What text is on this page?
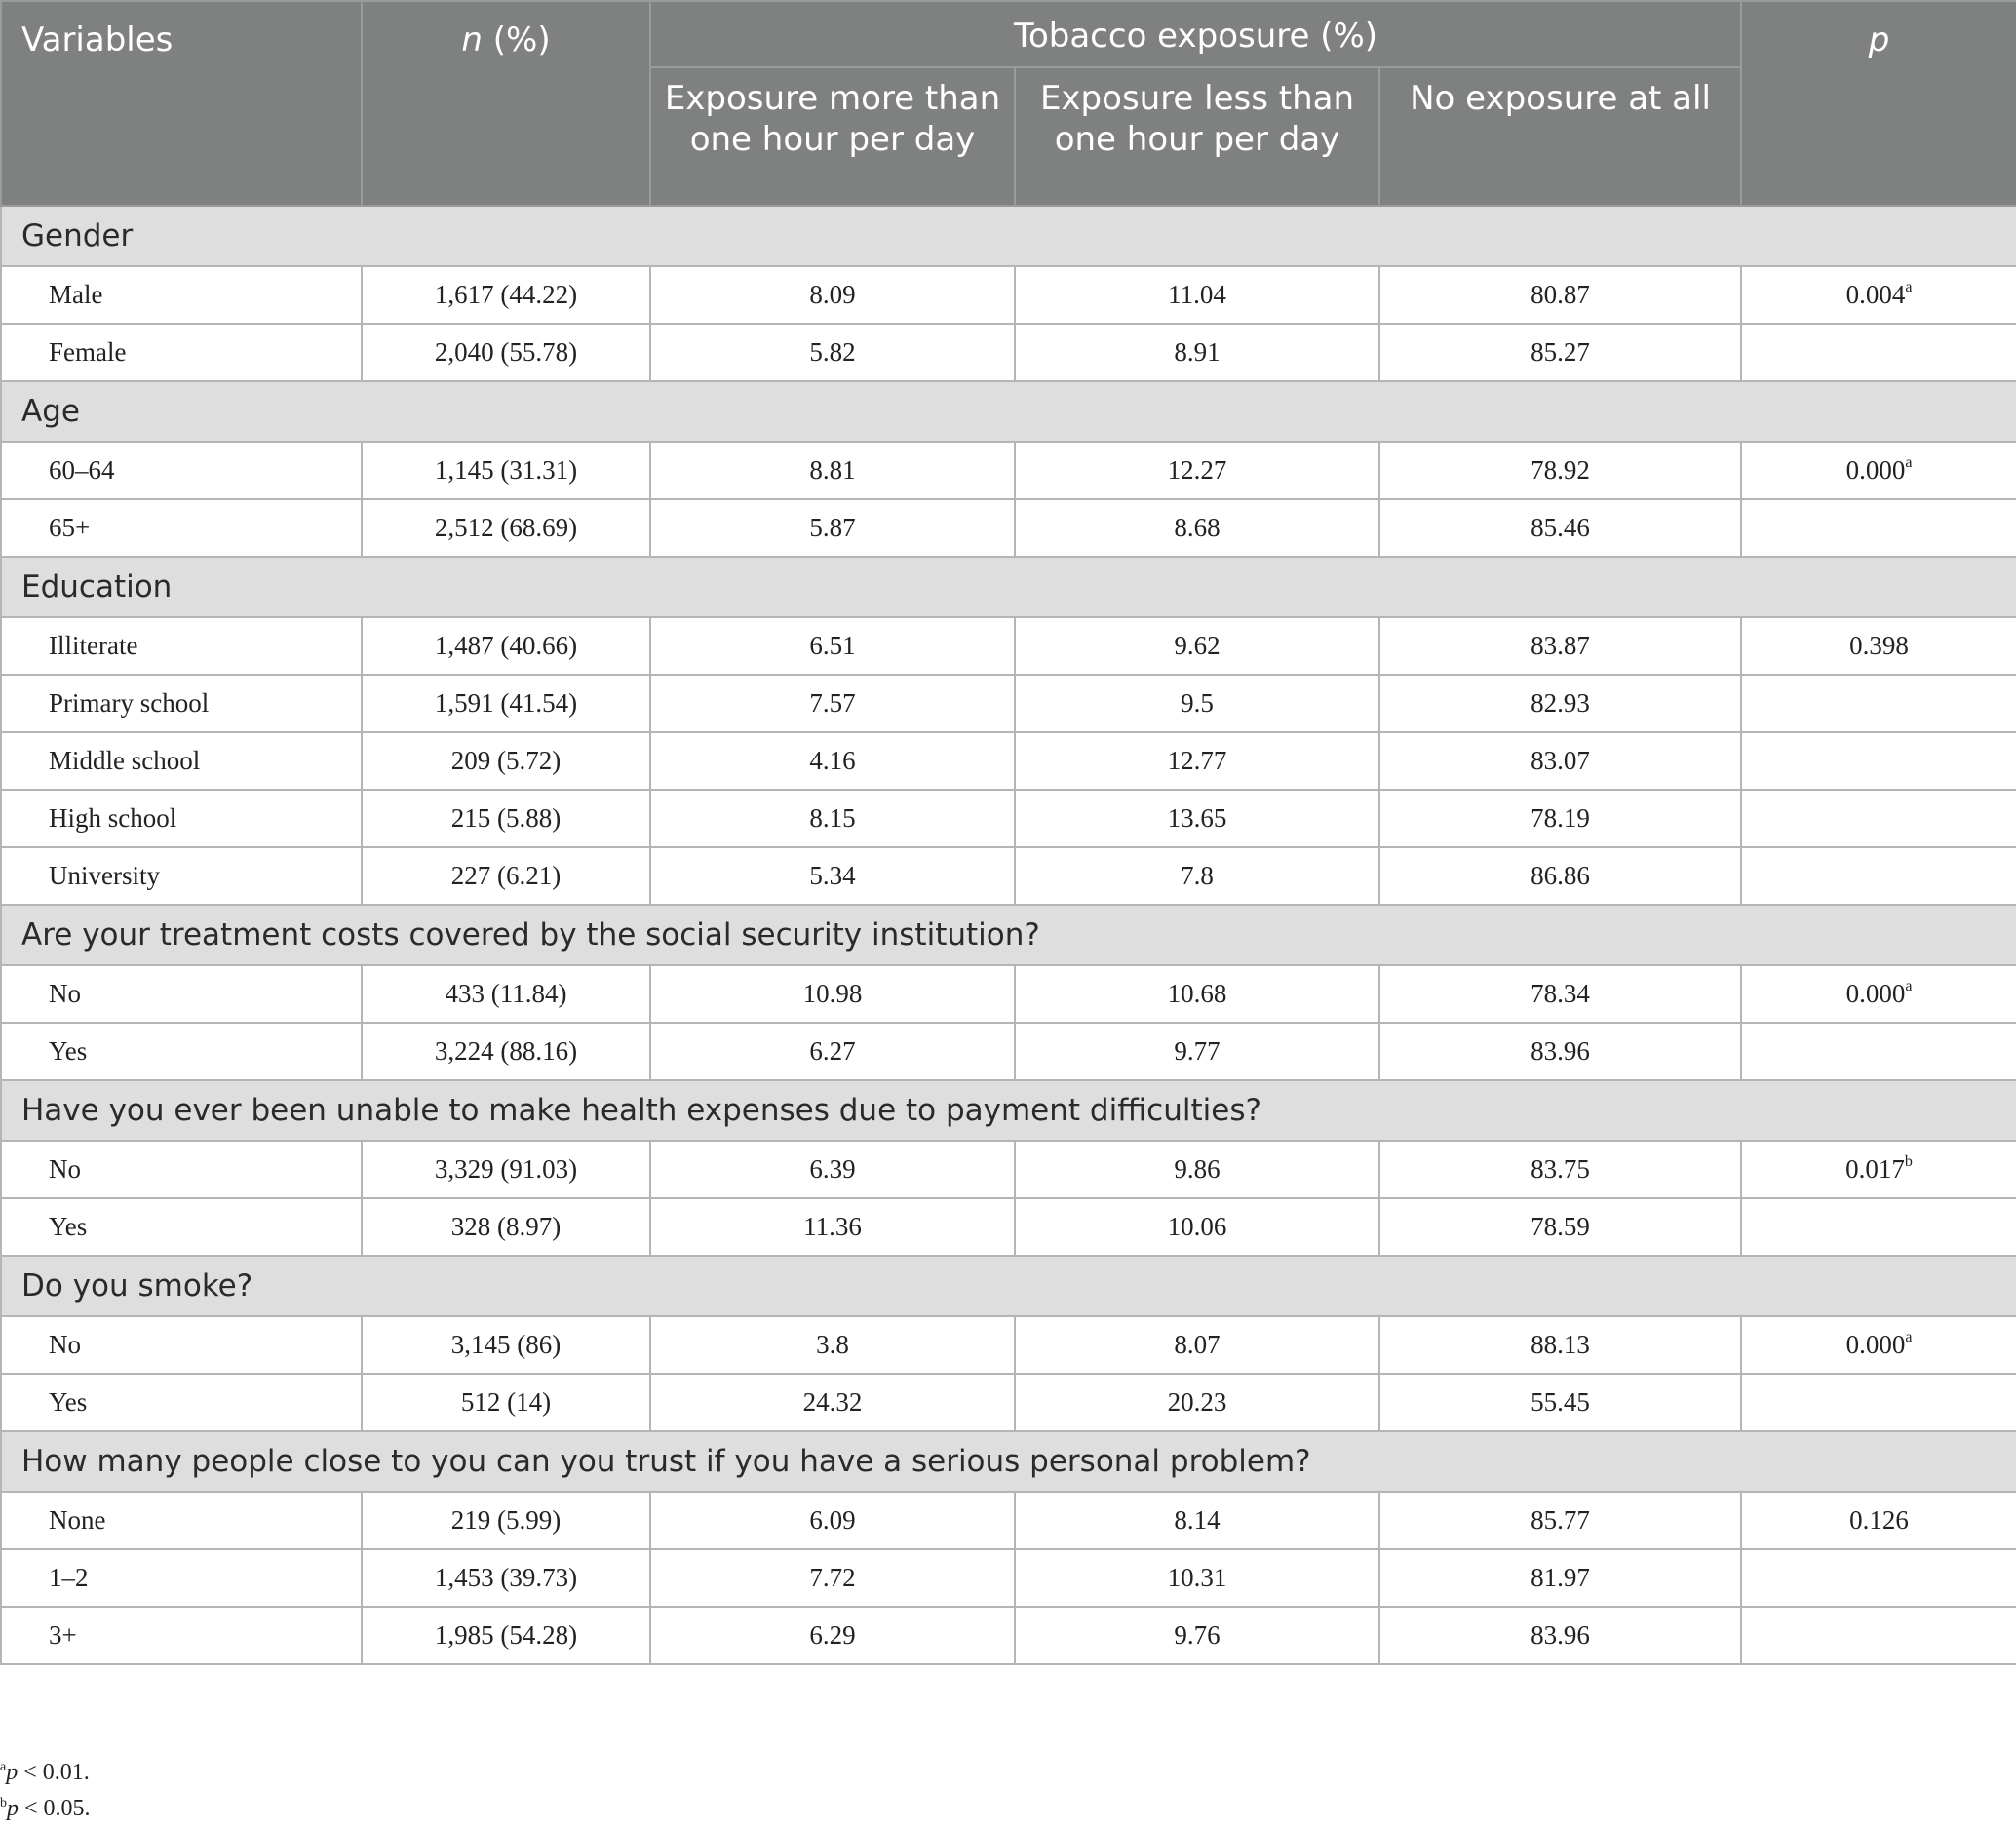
Variables	n (%)	Tobacco exposure (%)			p
		Exposure more than one hour per day	Exposure less than one hour per day	No exposure at all	
Gender					
Male	1,617 (44.22)	8.09	11.04	80.87	0.004$^a$
Female	2,040 (55.78)	5.82	8.91	85.27	
Age					
60–64	1,145 (31.31)	8.81	12.27	78.92	0.000$^a$
65+	2,512 (68.69)	5.87	8.68	85.46	
Education					
Illiterate	1,487 (40.66)	6.51	9.62	83.87	0.398
Primary school	1,591 (41.54)	7.57	9.5	82.93	
Middle school	209 (5.72)	4.16	12.77	83.07	
High school	215 (5.88)	8.15	13.65	78.19	
University	227 (6.21)	5.34	7.8	86.86	
Are your treatment costs covered by the social security institution?					
No	433 (11.84)	10.98	10.68	78.34	0.000$^a$
Yes	3,224 (88.16)	6.27	9.77	83.96	
Have you ever been unable to make health expenses due to payment difficulties?					
No	3,329 (91.03)	6.39	9.86	83.75	0.017$^b$
Yes	328 (8.97)	11.36	10.06	78.59	
Do you smoke?					
No	3,145 (86)	3.8	8.07	88.13	0.000$^a$
Yes	512 (14)	24.32	20.23	55.45	
How many people close to you can you trust if you have a serious personal problem?					
None	219 (5.99)	6.09	8.14	85.77	0.126
1–2	1,453 (39.73)	7.72	10.31	81.97	
3+	1,985 (54.28)	6.29	9.76	83.96	
$^a$p < 0.01.
$^b$p < 0.05.
